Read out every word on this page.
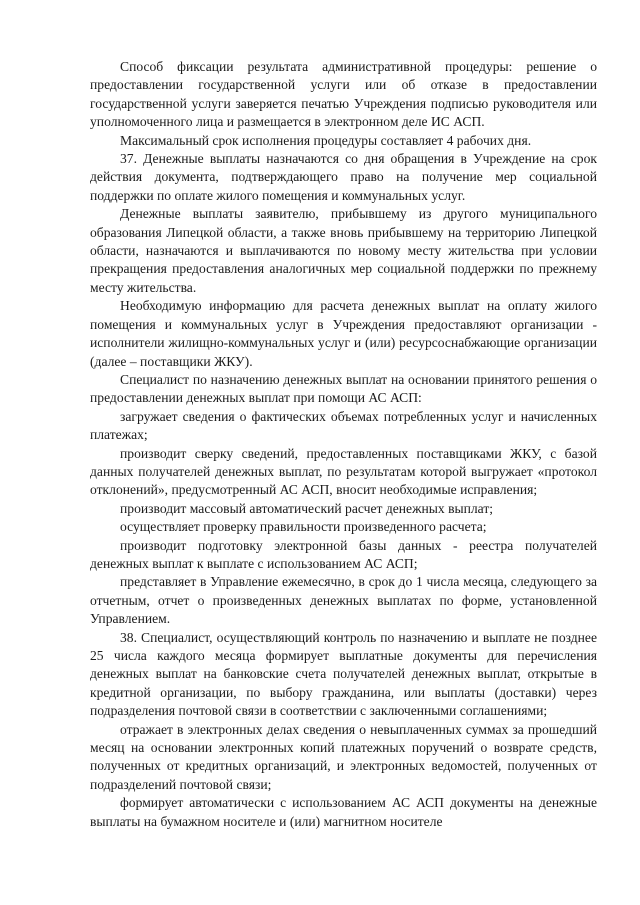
Способ фиксации результата административной процедуры: решение о предоставлении государственной услуги или об отказе в предоставлении государственной услуги заверяется печатью Учреждения подписью руководителя или уполномоченного лица и размещается в электронном деле ИС АСП.

Максимальный срок исполнения процедуры составляет 4 рабочих дня.

37. Денежные выплаты назначаются со дня обращения в Учреждение на срок действия документа, подтверждающего право на получение мер социальной поддержки по оплате жилого помещения и коммунальных услуг.

Денежные выплаты заявителю, прибывшему из другого муниципального образования Липецкой области, а также вновь прибывшему на территорию Липецкой области, назначаются и выплачиваются по новому месту жительства при условии прекращения предоставления аналогичных мер социальной поддержки по прежнему месту жительства.

Необходимую информацию для расчета денежных выплат на оплату жилого помещения и коммунальных услуг в Учреждения предоставляют организации - исполнители жилищно-коммунальных услуг и (или) ресурсоснабжающие организации (далее – поставщики ЖКУ).

Специалист по назначению денежных выплат на основании принятого решения о предоставлении денежных выплат при помощи АС АСП:

загружает сведения о фактических объемах потребленных услуг и начисленных платежах;

производит сверку сведений, предоставленных поставщиками ЖКУ, с базой данных получателей денежных выплат, по результатам которой выгружает «протокол отклонений», предусмотренный АС АСП, вносит необходимые исправления;

производит массовый автоматический расчет денежных выплат;

осуществляет проверку правильности произведенного расчета;

производит подготовку электронной базы данных - реестра получателей денежных выплат к выплате с использованием АС АСП;

представляет в Управление ежемесячно, в срок до 1 числа месяца, следующего за отчетным, отчет о произведенных денежных выплатах по форме, установленной Управлением.

38. Специалист, осуществляющий контроль по назначению и выплате не позднее 25 числа каждого месяца формирует выплатные документы для перечисления денежных выплат на банковские счета получателей денежных выплат, открытые в кредитной организации, по выбору гражданина, или выплаты (доставки) через подразделения почтовой связи в соответствии с заключенными соглашениями;

отражает в электронных делах сведения о невыплаченных суммах за прошедший месяц на основании электронных копий платежных поручений о возврате средств, полученных от кредитных организаций, и электронных ведомостей, полученных от подразделений почтовой связи;

формирует автоматически с использованием АС АСП документы на денежные выплаты на бумажном носителе и (или) магнитном носителе
